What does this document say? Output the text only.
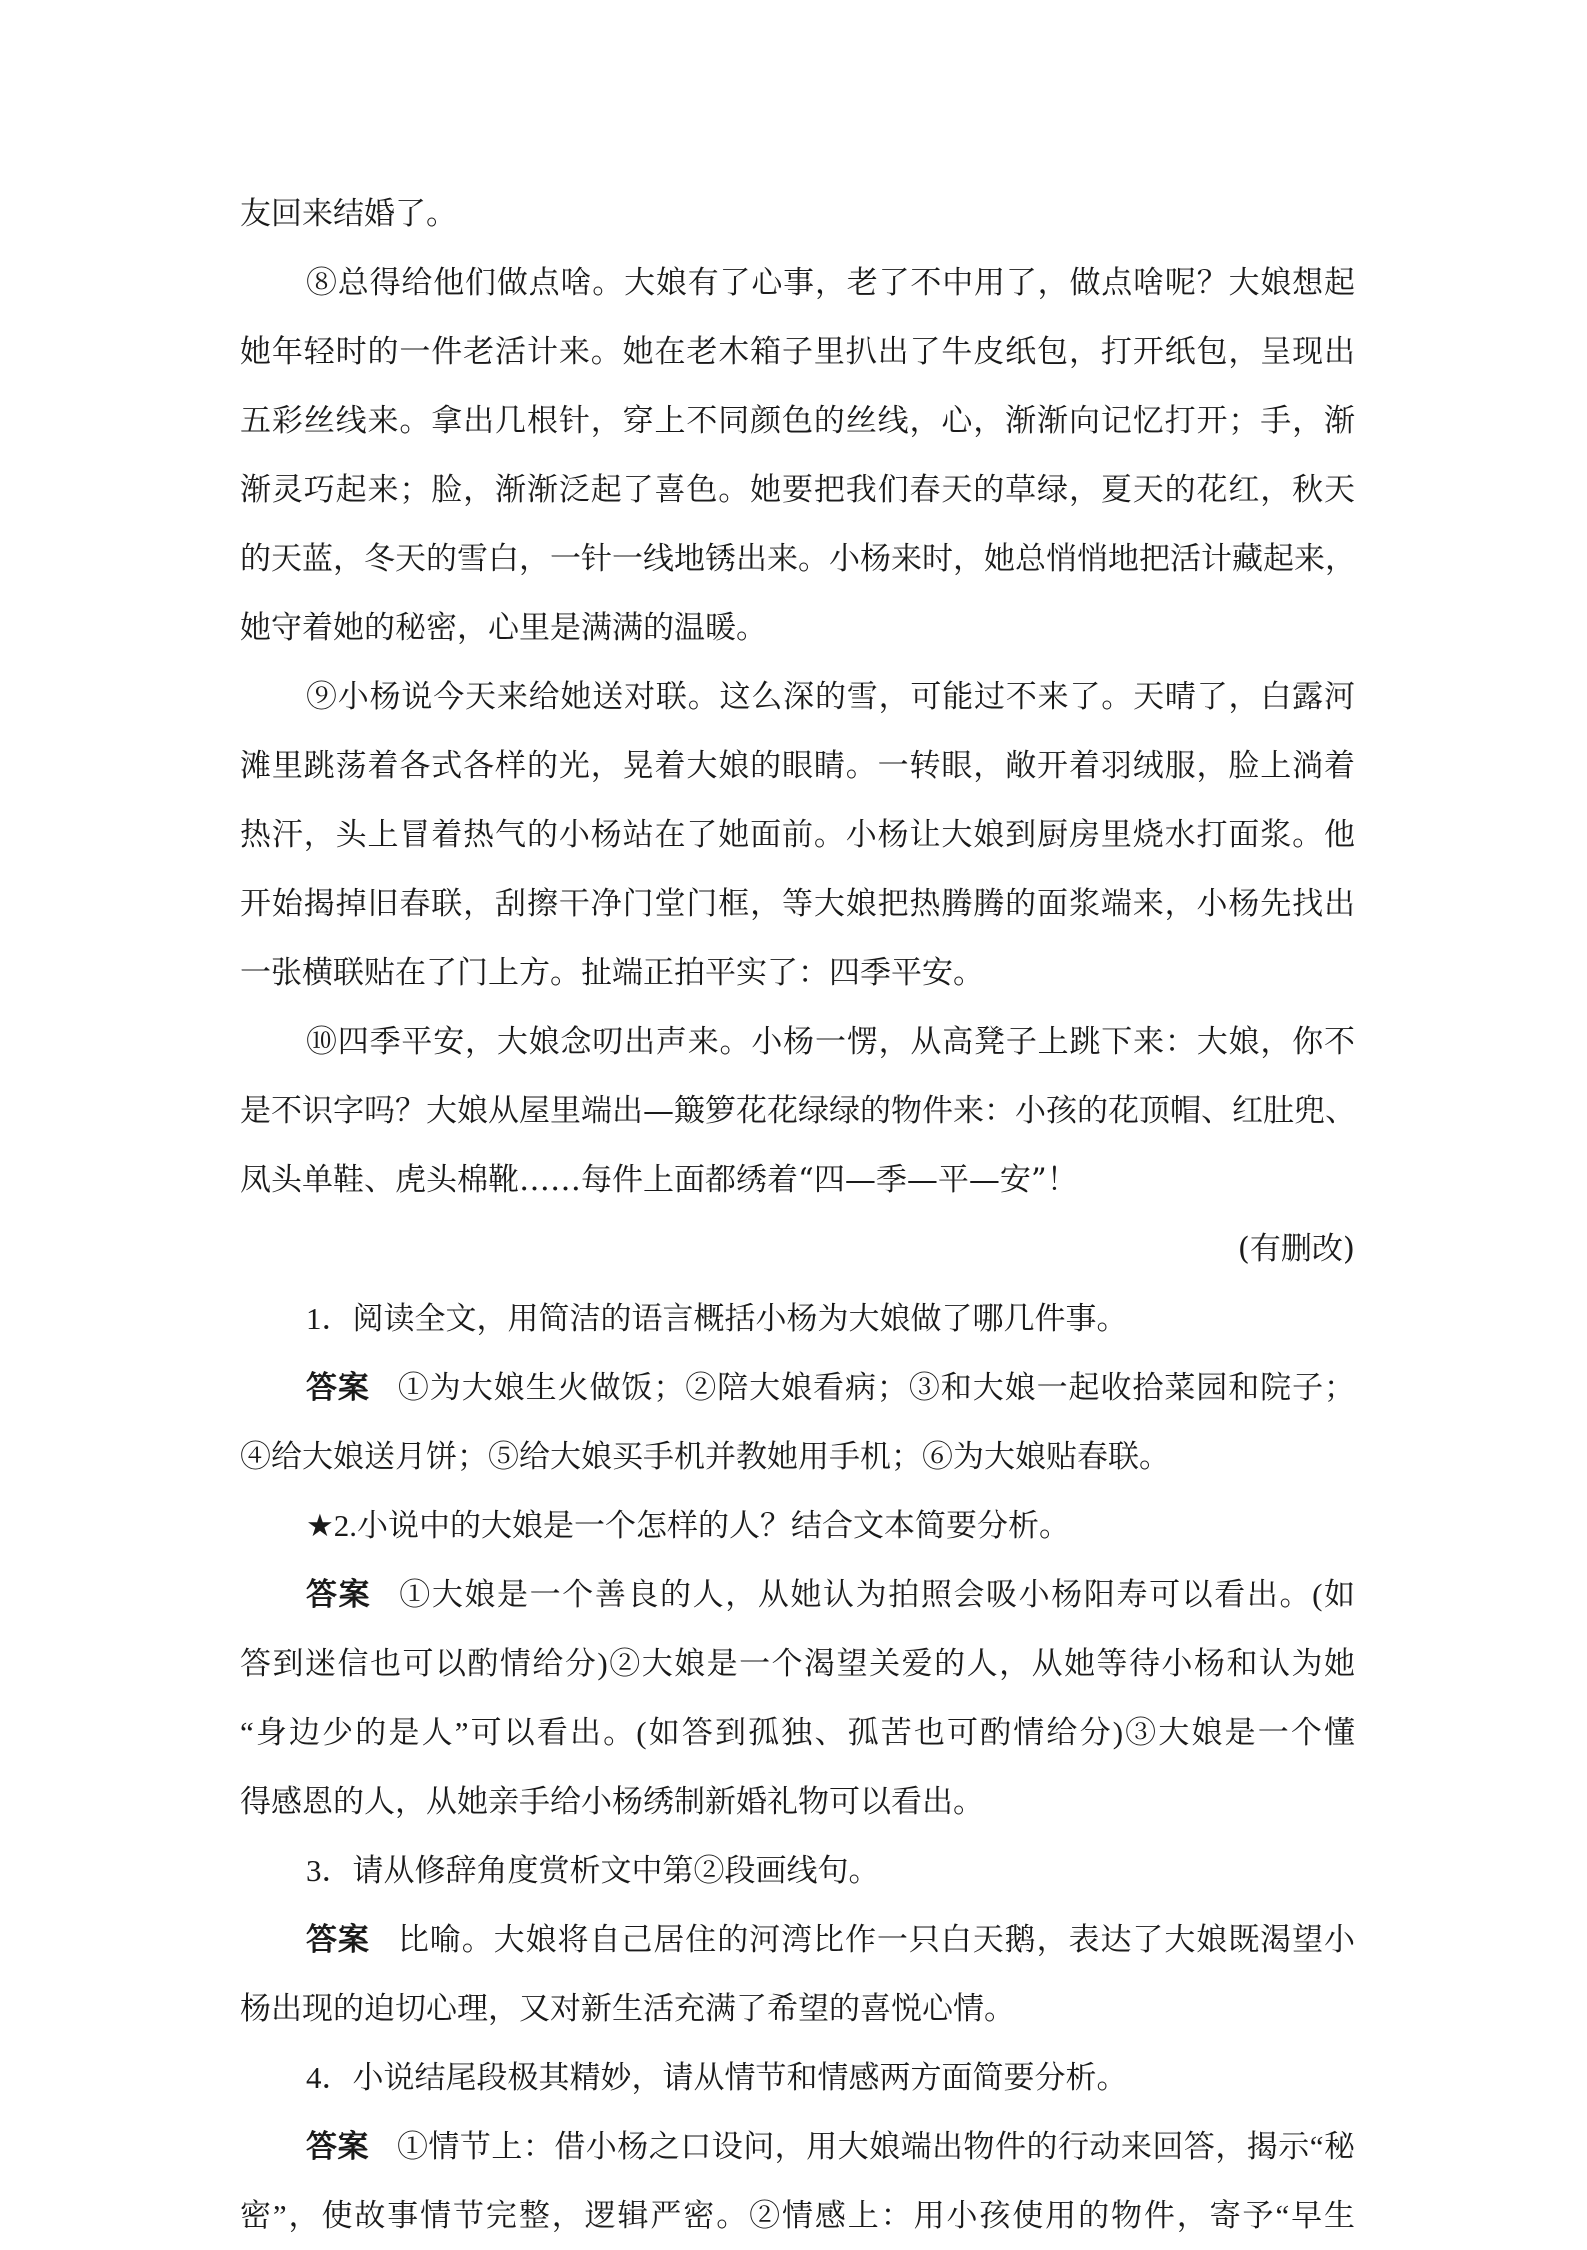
友回来结婚了。
⑧总得给他们做点啥。大娘有了心事，老了不中用了，做点啥呢？大娘想起
她年轻时的一件老活计来。她在老木箱子里扒出了牛皮纸包，打开纸包，呈现出
五彩丝线来。拿出几根针，穿上不同颜色的丝线，心，渐渐向记忆打开；手，渐
渐灵巧起来；脸，渐渐泛起了喜色。她要把我们春天的草绿，夏天的花红，秋天
的天蓝，冬天的雪白，一针一线地锈出来。小杨来时，她总悄悄地把活计藏起来，
她守着她的秘密，心里是满满的温暖。
⑨小杨说今天来给她送对联。这么深的雪，可能过不来了。天晴了，白露河
滩里跳荡着各式各样的光，晃着大娘的眼睛。一转眼，敞开着羽绒服，脸上淌着
热汗，头上冒着热气的小杨站在了她面前。小杨让大娘到厨房里烧水打面浆。他
开始揭掉旧春联，刮擦干净门堂门框，等大娘把热腾腾的面浆端来，小杨先找出
一张横联贴在了门上方。扯端正拍平实了：四季平安。
⑩四季平安，大娘念叨出声来。小杨一愣，从高凳子上跳下来：大娘，你不
是不识字吗？大娘从屋里端出—簸箩花花绿绿的物件来：小孩的花顶帽、红肚兜、
凤头单鞋、虎头棉靴……每件上面都绣着“四—季—平—安”！
(有删改)
1．阅读全文，用简洁的语言概括小杨为大娘做了哪几件事。
答案 ①为大娘生火做饭；②陪大娘看病；③和大娘一起收拾菜园和院子；
④给大娘送月饼；⑤给大娘买手机并教她用手机；⑥为大娘贴春联。
★2.小说中的大娘是一个怎样的人？结合文本简要分析。
答案 ①大娘是一个善良的人，从她认为拍照会吸小杨阳寿可以看出。(如
答到迷信也可以酌情给分)②大娘是一个渴望关爱的人，从她等待小杨和认为她
“身边少的是人”可以看出。(如答到孤独、孤苦也可酌情给分)③大娘是一个懂
得感恩的人，从她亲手给小杨绣制新婚礼物可以看出。
3．请从修辞角度赏析文中第②段画线句。
答案 比喻。大娘将自己居住的河湾比作一只白天鹅，表达了大娘既渴望小
杨出现的迫切心理，又对新生活充满了希望的喜悦心情。
4．小说结尾段极其精妙，请从情节和情感两方面简要分析。
答案 ①情节上：借小杨之口设问，用大娘端出物件的行动来回答，揭示“秘
密”，使故事情节完整，逻辑严密。②情感上：用小孩使用的物件，寄予“早生
